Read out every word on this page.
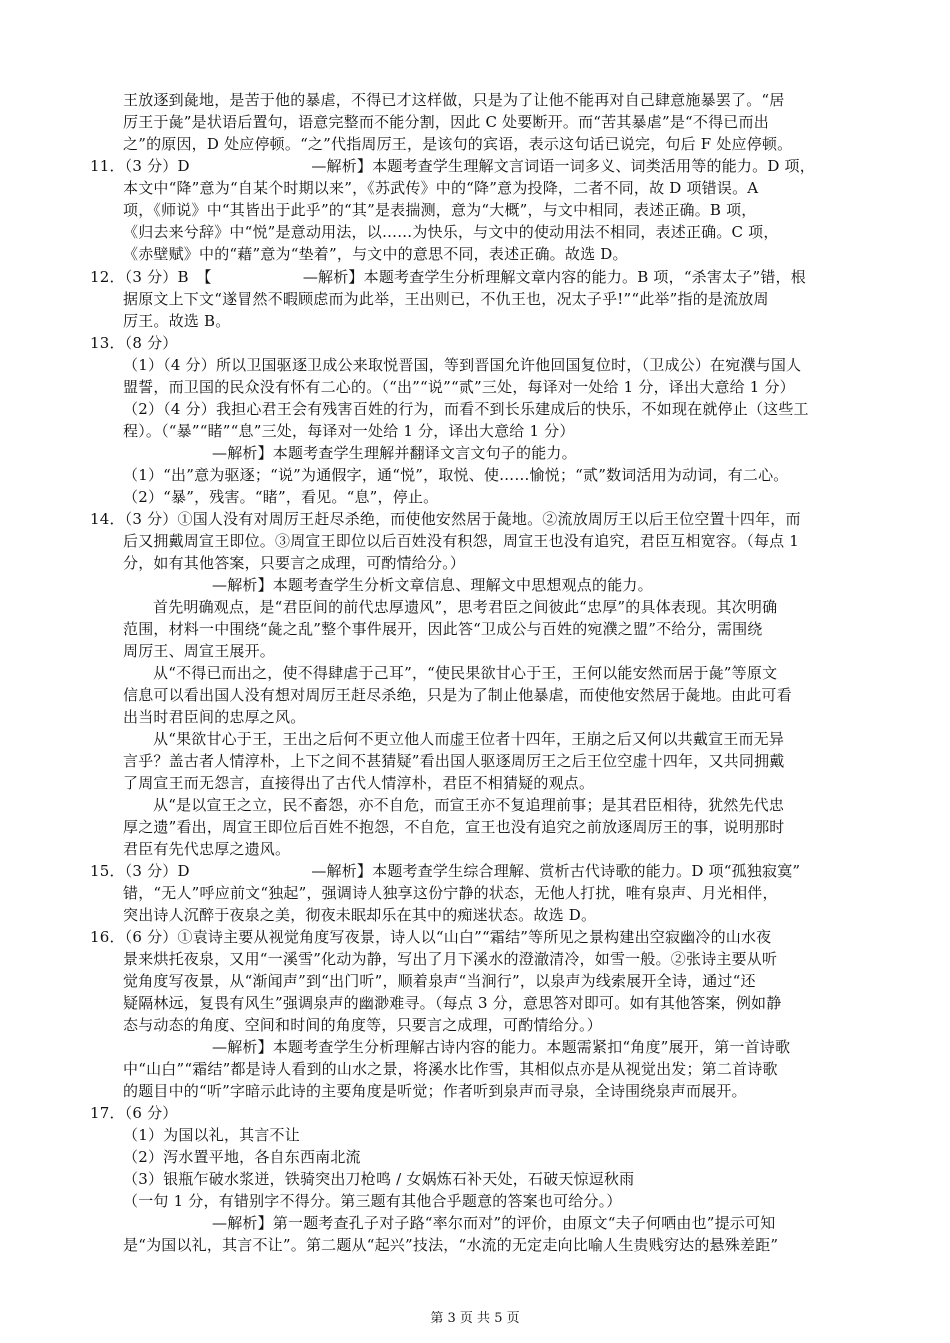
王放逐到彘地，是苦于他的暴虐，不得已才这样做，只是为了让他不能再对自己肆意施暴罢了。“居
厉王于彘”是状语后置句，语意完整而不能分割，因此 C 处要断开。而“苦其暴虐”是“不得已而出
之”的原因，D 处应停顿。“之”代指周厉王，是该句的宾语，表示这句话已说完，句后 F 处应停顿。
11．（3 分）D　　　　　　　　—解析】本题考查学生理解文言词语一词多义、词类活用等的能力。D 项，
本文中“降”意为“自某个时期以来”，《苏武传》中的“降”意为投降，二者不同，故 D 项错误。A
项，《师说》中“其皆出于此乎”的“其”是表揣测，意为“大概”，与文中相同，表述正确。B 项，
《归去来兮辞》中“悦”是意动用法，以……为快乐，与文中的使动用法不相同，表述正确。C 项，
《赤壁赋》中的“藉”意为“垫着”，与文中的意思不同，表述正确。故选 D。
12．（3 分）B　【　　　　　　—解析】本题考查学生分析理解文章内容的能力。B 项，“杀害太子”错，根
据原文上下文“遂冒然不暇顾虑而为此举，王出则已，不仇王也，况太子乎!”“此举”指的是流放周
厉王。故选 B。
13．（8 分）
（1）（4 分）所以卫国驱逐卫成公来取悦晋国，等到晋国允许他回国复位时，（卫成公）在宛濮与国人
盟誓，而卫国的民众没有怀有二心的。（“出”“说”“贰”三处，每译对一处给 1 分，译出大意给 1 分）
（2）（4 分）我担心君王会有残害百姓的行为，而看不到长乐建成后的快乐，不如现在就停止（这些工
程）。（“暴”“睹”“息”三处，每译对一处给 1 分，译出大意给 1 分）
—解析】本题考查学生理解并翻译文言文句子的能力。
（1）“出”意为驱逐；“说”为通假字，通“悦”，取悦、使……愉悦；“贰”数词活用为动词，有二心。
（2）“暴”，残害。“睹”，看见。“息”，停止。
14．（3 分）①国人没有对周厉王赶尽杀绝，而使他安然居于彘地。②流放周厉王以后王位空置十四年，而
后又拥戴周宣王即位。③周宣王即位以后百姓没有积怨，周宣王也没有追究，君臣互相宽容。（每点 1
分，如有其他答案，只要言之成理，可酌情给分。）
—解析】本题考查学生分析文章信息、理解文中思想观点的能力。
首先明确观点，是“君臣间的前代忠厚遗风”，思考君臣之间彼此“忠厚”的具体表现。其次明确
范围，材料一中围绕“彘之乱”整个事件展开，因此答“卫成公与百姓的宛濮之盟”不给分，需围绕
周厉王、周宣王展开。
从“不得已而出之，使不得肆虐于己耳”，“使民果欲甘心于王，王何以能安然而居于彘”等原文
信息可以看出国人没有想对周厉王赶尽杀绝，只是为了制止他暴虐，而使他安然居于彘地。由此可看
出当时君臣间的忠厚之风。
从“果欲甘心于王，王出之后何不更立他人而虚王位者十四年，王崩之后又何以共戴宣王而无异
言乎？盖古者人情淳朴，上下之间不甚猜疑”看出国人驱逐周厉王之后王位空虚十四年，又共同拥戴
了周宣王而无怨言，直接得出了古代人情淳朴，君臣不相猜疑的观点。
从“是以宣王之立，民不畜怨，亦不自危，而宣王亦不复追理前事；是其君臣相待，犹然先代忠
厚之遗”看出，周宣王即位后百姓不抱怨，不自危，宣王也没有追究之前放逐周厉王的事，说明那时
君臣有先代忠厚之遗风。
15．（3 分）D　　　　　　　　—解析】本题考查学生综合理解、赏析古代诗歌的能力。D 项“孤独寂寞”
错，“无人”呼应前文“独起”，强调诗人独享这份宁静的状态，无他人打扰，唯有泉声、月光相伴，
突出诗人沉醉于夜泉之美，彻夜未眠却乐在其中的痴迷状态。故选 D。
16．（6 分）①袁诗主要从视觉角度写夜景，诗人以“山白”“霜结”等所见之景构建出空寂幽冷的山水夜
景来烘托夜泉，又用“一溪雪”化动为静，写出了月下溪水的澄澈清冷，如雪一般。②张诗主要从听
觉角度写夜景，从“渐闻声”到“出门听”，顺着泉声“当涧行”，以泉声为线索展开全诗，通过“还
疑隔林远，复畏有风生”强调泉声的幽渺难寻。（每点 3 分，意思答对即可。如有其他答案，例如静
态与动态的角度、空间和时间的角度等，只要言之成理，可酌情给分。）
—解析】本题考查学生分析理解古诗内容的能力。本题需紧扣“角度”展开，第一首诗歌
中“山白”“霜结”都是诗人看到的山水之景，将溪水比作雪，其相似点亦是从视觉出发；第二首诗歌
的题目中的“听”字暗示此诗的主要角度是听觉；作者听到泉声而寻泉，全诗围绕泉声而展开。
17．（6 分）
（1）为国以礼，其言不让
（2）泻水置平地，各自东西南北流
（3）银瓶乍破水浆迸，铁骑突出刀枪鸣 / 女娲炼石补天处，石破天惊逗秋雨
（一句 1 分，有错别字不得分。第三题有其他合乎题意的答案也可给分。）
—解析】第一题考查孔子对子路“率尔而对”的评价，由原文“夫子何哂由也”提示可知
是“为国以礼，其言不让”。第二题从“起兴”技法，“水流的无定走向比喻人生贵贱穷达的悬殊差距”
第 3 页 共 5 页
